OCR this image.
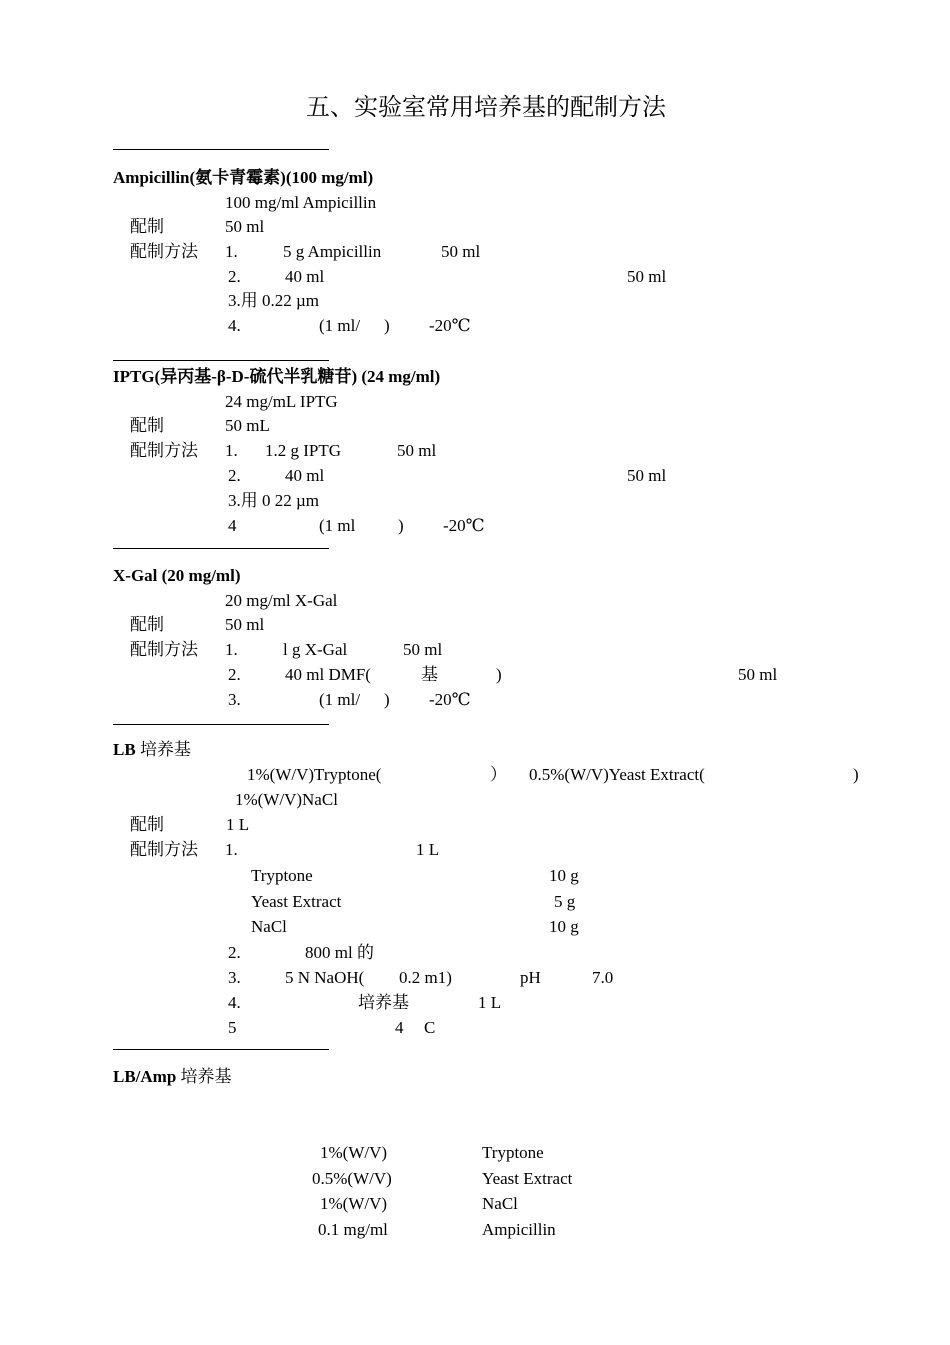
五、实验室常用培养基的配制方法
Ampicillin(氨卡青霉素)(100 mg/ml)
100 mg/ml Ampicillin
配制	50 ml
配制方法 1.	5 g Ampicillin	50 ml
2.	40 ml	50 ml
3.用 0.22 µm
4.	(1 ml/ ) -20℃
IPTG(异丙基-β-D-硫代半乳糖苷) (24 mg/ml)
24 mg/mL IPTG
配制	50 mL
配制方法 1. 1.2 g IPTG	50 ml
2.	40 ml	50 ml
3.用 0 22 µm
4	(1 ml	) -20℃
X-Gal (20 mg/ml)
20 mg/ml X-Gal
配制	50 ml
配制方法 1.	l g X-Gal	50 ml
2.	40 ml DMF(	基	)	50 ml
3.	(1 ml/ ) -20℃
LB 培养基
1%(W/V)Tryptone(	） 0.5%(W/V)Yeast Extract(	)
1%(W/V)NaCl
配制	1 L
配制方法 1.	1 L
Tryptone	10 g
Yeast Extract	5 g
NaCl	10 g
2.	800 ml 的
3.	5 N NaOH( 0.2 m1)	pH	7.0
4.	培养基	1 L
5	4 C
LB/Amp 培养基
1%(W/V)	Tryptone
0.5%(W/V)	Yeast Extract
1%(W/V)	NaCl
0.1 mg/ml	Ampicillin
